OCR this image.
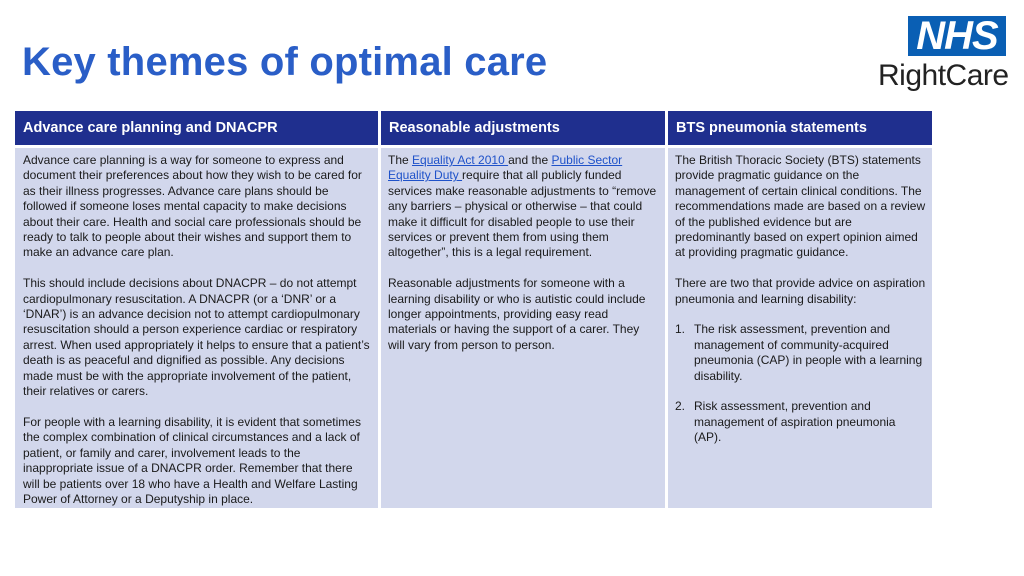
Key themes of optimal care
NHS
RightCare
Advance care planning and DNACPR

Advance care planning is a way for someone to express and document their preferences about how they wish to be cared for as their illness progresses. Advance care plans should be followed if someone loses mental capacity to make decisions about their care. Health and social care professionals should be ready to talk to people about their wishes and support them to make an advance care plan.

This should include decisions about DNACPR – do not attempt cardiopulmonary resuscitation. A DNACPR (or a ‘DNR’ or a ‘DNAR’) is an advance decision not to attempt cardiopulmonary resuscitation should a person experience cardiac or respiratory arrest. When used appropriately it helps to ensure that a patient’s death is as peaceful and dignified as possible. Any decisions made must be with the appropriate involvement of the patient, their relatives or carers.

For people with a learning disability, it is evident that sometimes the complex combination of clinical circumstances and a lack of patient, or family and carer, involvement leads to the inappropriate issue of a DNACPR order. Remember that there will be patients over 18 who have a Health and Welfare Lasting Power of Attorney or a Deputyship in place.

Reasonable adjustments

The Equality Act 2010 and the Public Sector Equality Duty require that all publicly funded services make reasonable adjustments to “remove any barriers – physical or otherwise – that could make it difficult for disabled people to use their services or prevent them from using them altogether”, this is a legal requirement.

Reasonable adjustments for someone with a learning disability or who is autistic could include longer appointments, providing easy read materials or having the support of a carer. They will vary from person to person.

BTS pneumonia statements

The British Thoracic Society (BTS) statements provide pragmatic guidance on the management of certain clinical conditions. The recommendations made are based on a review of the published evidence but are predominantly based on expert opinion aimed at providing pragmatic guidance.

There are two that provide advice on aspiration pneumonia and learning disability:

1. The risk assessment, prevention and management of community-acquired pneumonia (CAP) in people with a learning disability.
2. Risk assessment, prevention and management of aspiration pneumonia (AP).
